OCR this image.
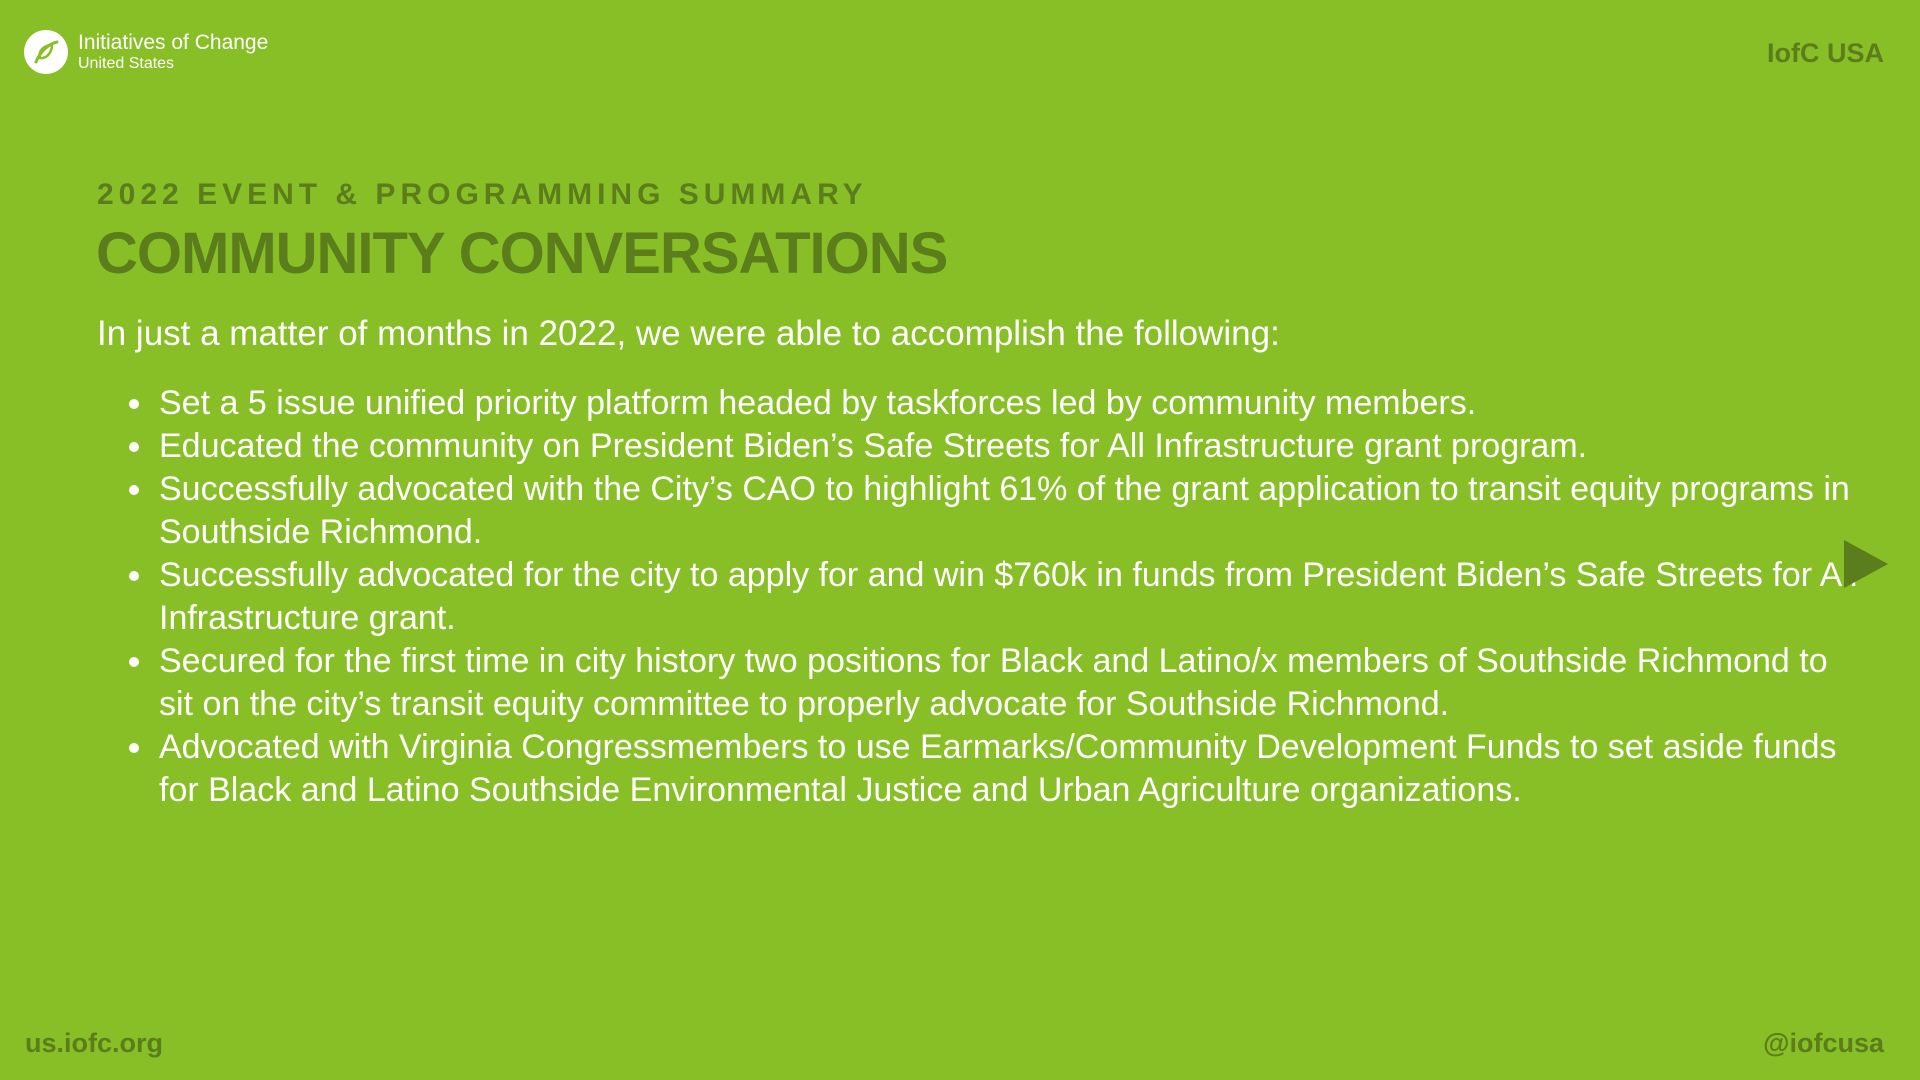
Initiatives of Change
United States	IofC USA
2022 EVENT & PROGRAMMING SUMMARY
COMMUNITY CONVERSATIONS
In just a matter of months in 2022, we were able to accomplish the following:
Set a 5 issue unified priority platform headed by taskforces led by community members.
Educated the community on President Biden’s Safe Streets for All Infrastructure grant program.
Successfully advocated with the City’s CAO to highlight 61% of the grant application to transit equity programs in Southside Richmond.
Successfully advocated for the city to apply for and win $760k in funds from President Biden’s Safe Streets for All Infrastructure grant.
Secured for the first time in city history two positions for Black and Latino/x members of Southside Richmond to sit on the city’s transit equity committee to properly advocate for Southside Richmond.
Advocated with Virginia Congressmembers to use Earmarks/Community Development Funds to set aside funds for Black and Latino Southside Environmental Justice and Urban Agriculture organizations.
us.iofc.org	@iofcusa
